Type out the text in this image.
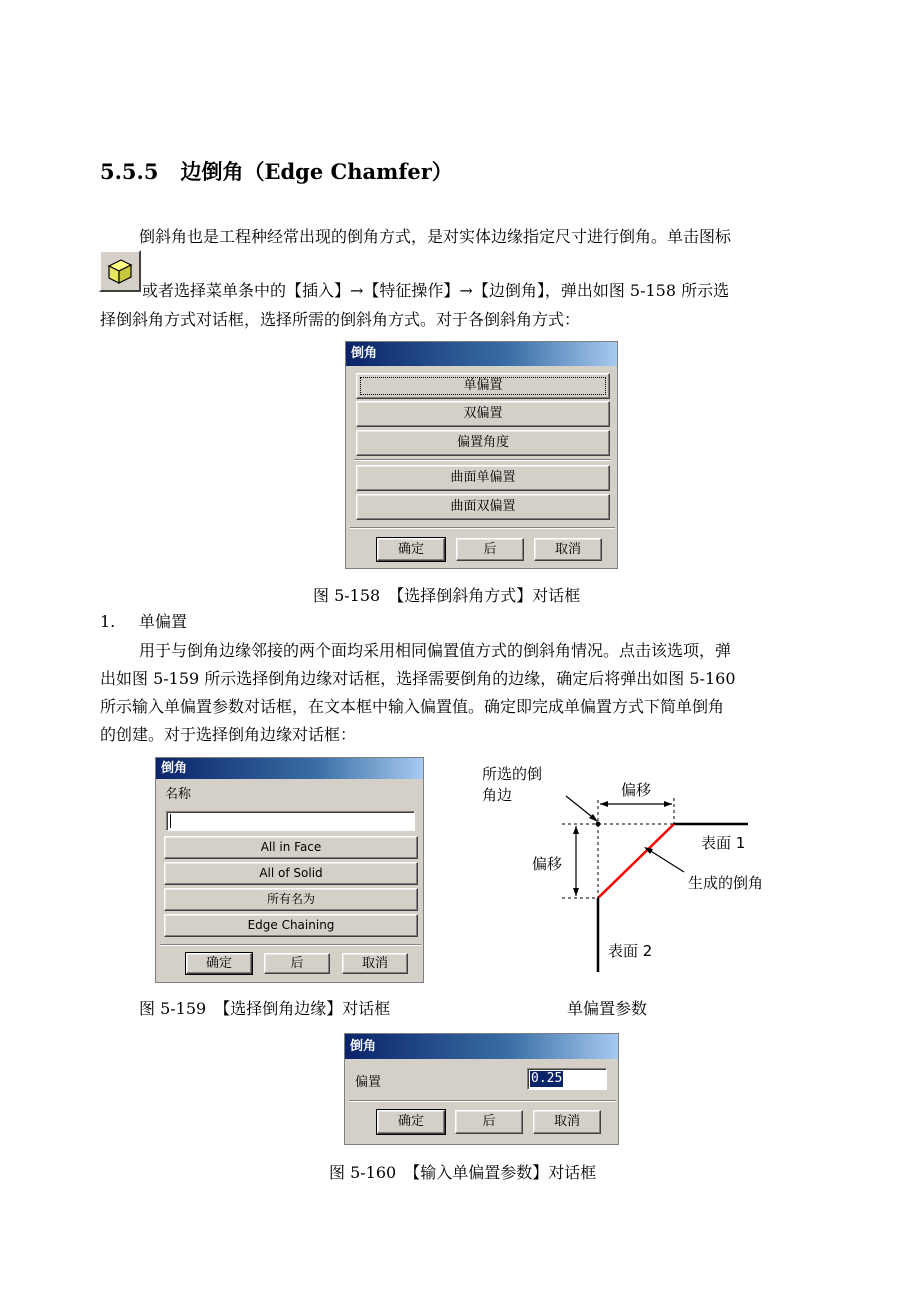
5.5.5 边倒角（Edge Chamfer）
倒斜角也是工程种经常出现的倒角方式，是对实体边缘指定尺寸进行倒角。单击图标
或者选择菜单条中的【插入】→【特征操作】→【边倒角】，弹出如图 5-158 所示选
择倒斜角方式对话框，选择所需的倒斜角方式。对于各倒斜角方式：
倒角
单偏置
双偏置
偏置角度
曲面单偏置
曲面双偏置
确定	后	取消
图 5-158　【选择倒斜角方式】对话框
1. 单偏置
用于与倒角边缘邻接的两个面均采用相同偏置值方式的倒斜角情况。点击该选项，弹
出如图 5-159 所示选择倒角边缘对话框，选择需要倒角的边缘，确定后将弹出如图 5-160
所示输入单偏置参数对话框，在文本框中输入偏置值。确定即完成单偏置方式下简单倒角
的创建。对于选择倒角边缘对话框：
倒角
名称
All in Face
All of Solid
所有名为
Edge Chaining
确定	后	取消
所选的倒
角边	偏移
偏移
表面 1
生成的倒角
表面 2
图 5-159　【选择倒角边缘】对话框	单偏置参数
倒角
偏置	0.25
确定	后	取消
图 5-160　【输入单偏置参数】对话框
